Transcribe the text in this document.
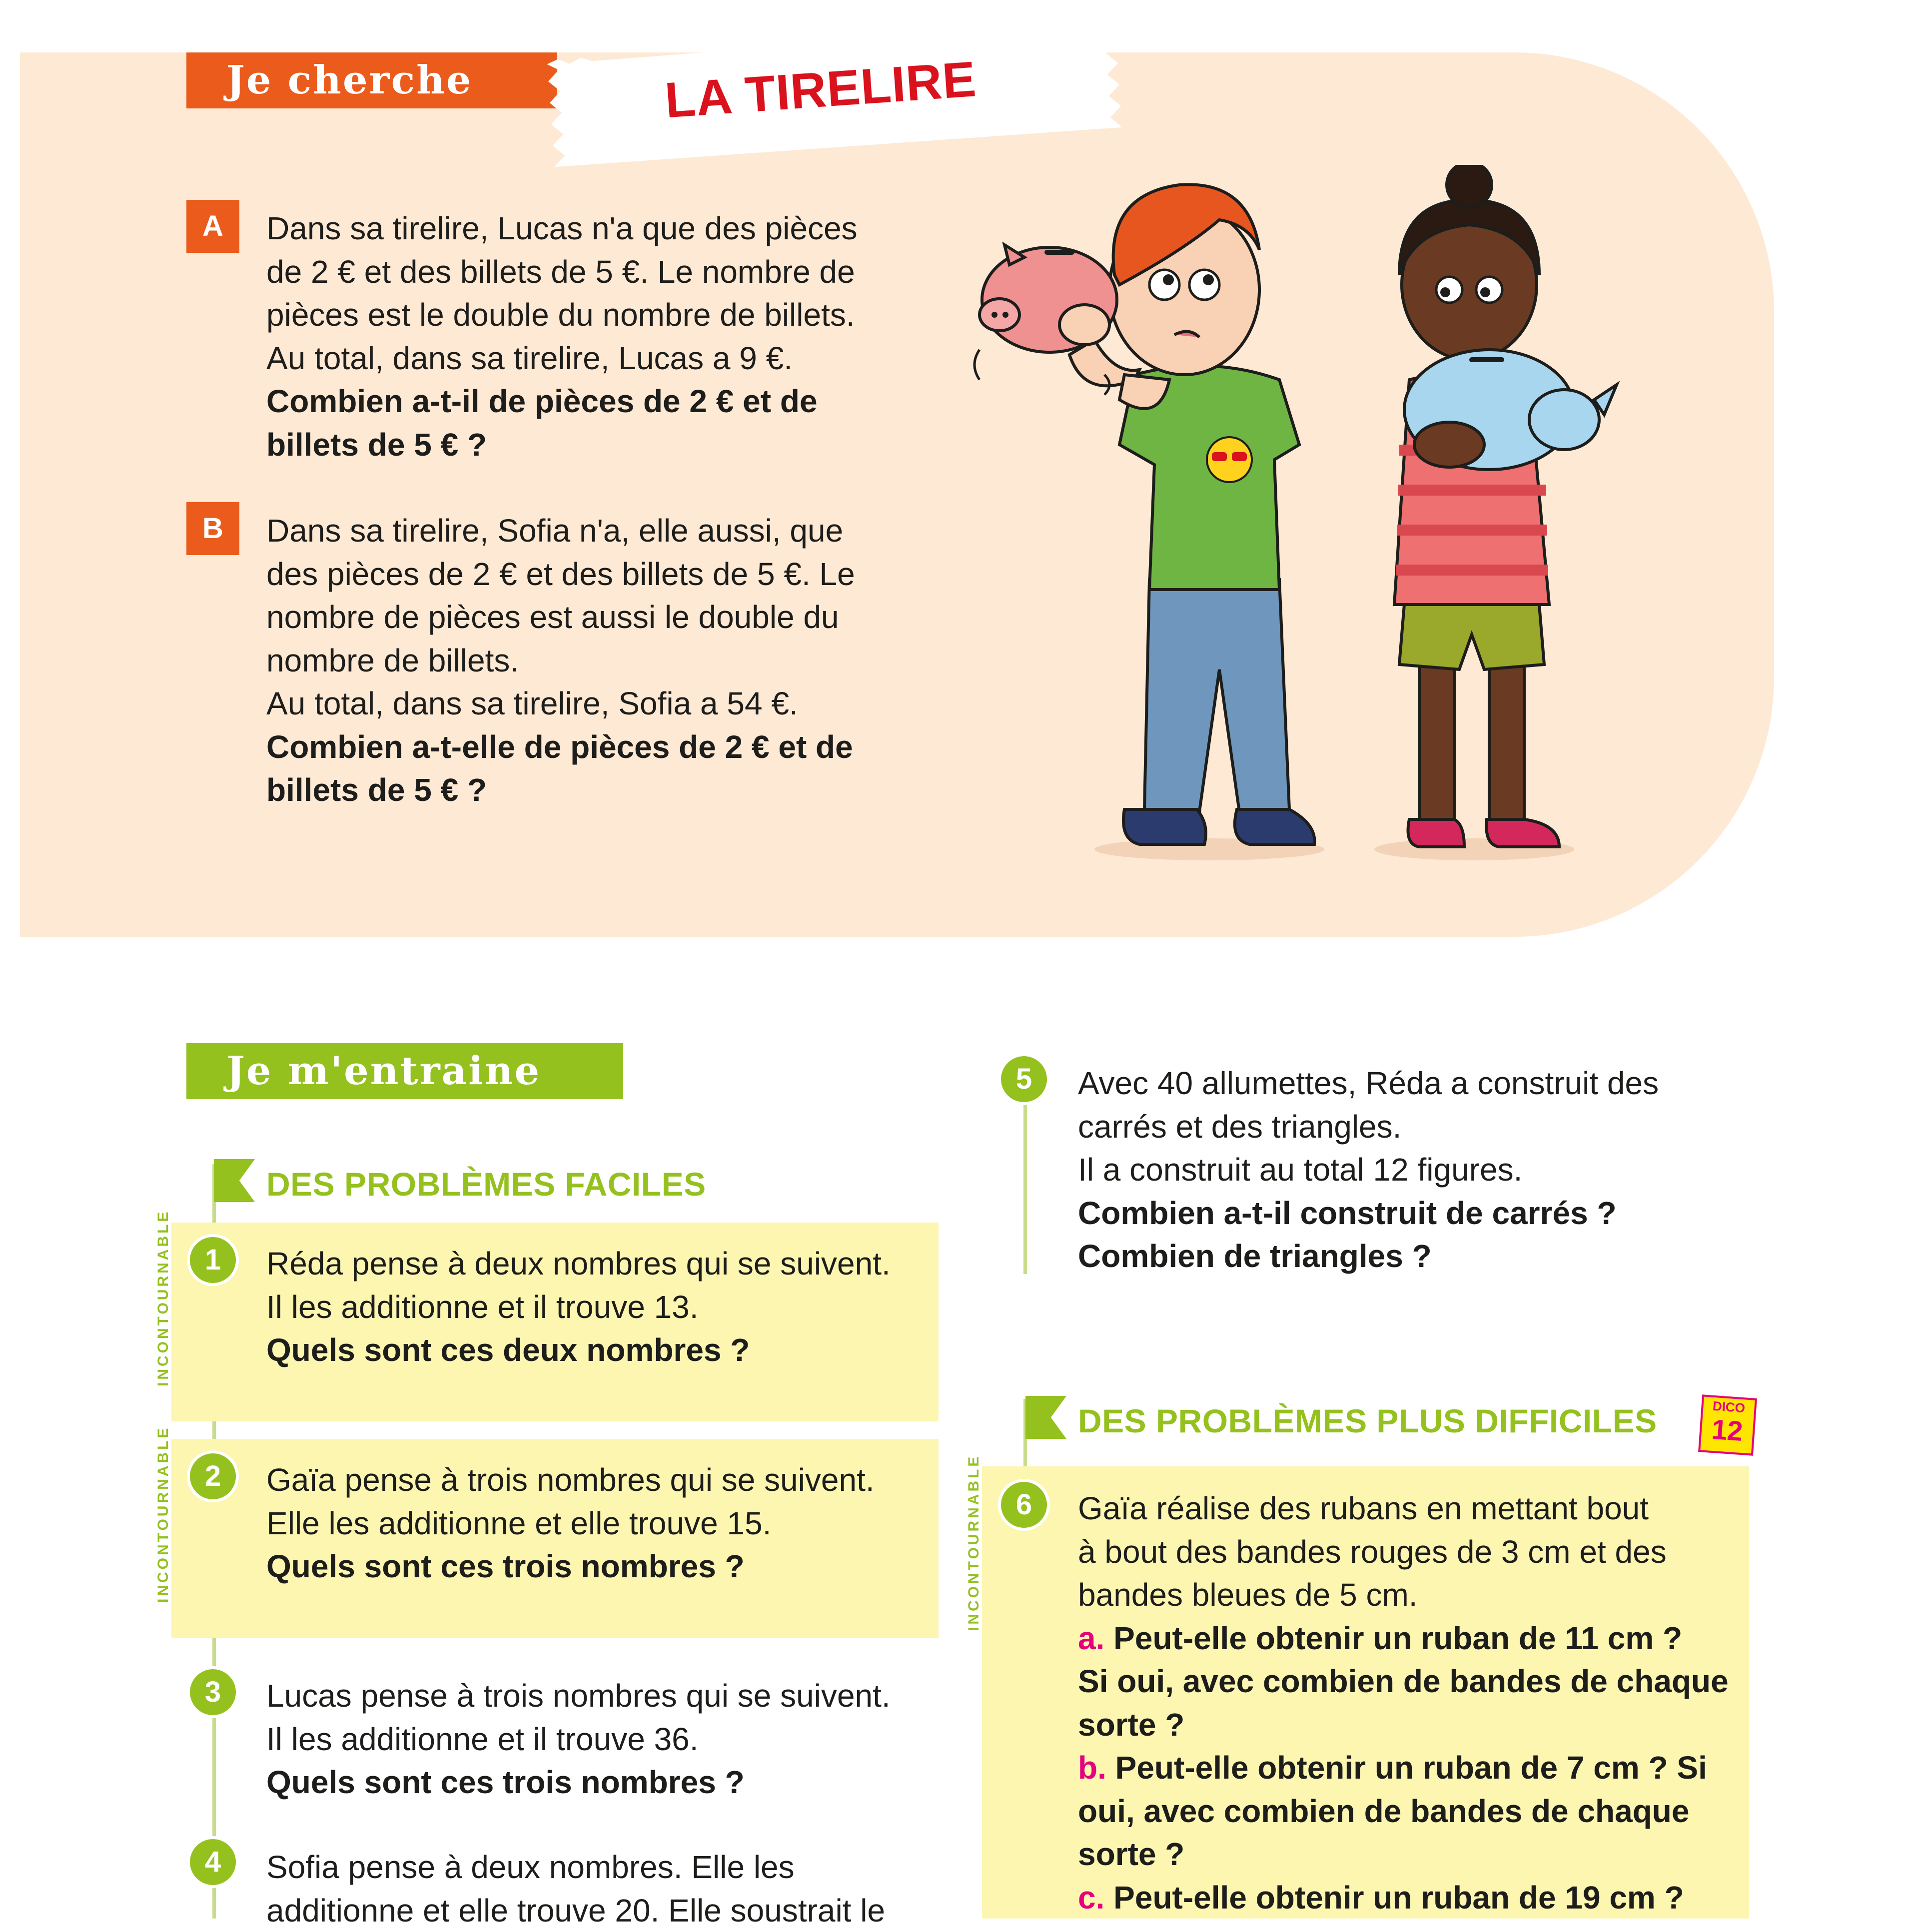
Je cherche	LA TIRELIRE
A	Dans sa tirelire, Lucas n'a que des pièces
de 2 € et des billets de 5 €. Le nombre de
pièces est le double du nombre de billets.
Au total, dans sa tirelire, Lucas a 9 €.
Combien a-t-il de pièces de 2 € et de
billets de 5 € ?
B	Dans sa tirelire, Sofia n'a, elle aussi, que
des pièces de 2 € et des billets de 5 €. Le
nombre de pièces est aussi le double du
nombre de billets.
Au total, dans sa tirelire, Sofia a 54 €.
Combien a-t-elle de pièces de 2 € et de
billets de 5 € ?
Je m'entraine
DES PROBLÈMES FACILES
INCONTOURNABLE	1	Réda pense à deux nombres qui se suivent.
Il les additionne et il trouve 13.
Quels sont ces deux nombres ?
INCONTOURNABLE	2	Gaïa pense à trois nombres qui se suivent.
Elle les additionne et elle trouve 15.
Quels sont ces trois nombres ?
3	Lucas pense à trois nombres qui se suivent.
Il les additionne et il trouve 36.
Quels sont ces trois nombres ?
4	Sofia pense à deux nombres. Elle les
additionne et elle trouve 20. Elle soustrait le
5	Avec 40 allumettes, Réda a construit des
carrés et des triangles.
Il a construit au total 12 figures.
Combien a-t-il construit de carrés ?
Combien de triangles ?
DES PROBLÈMES PLUS DIFFICILES	DICO
12
INCONTOURNABLE	6	Gaïa réalise des rubans en mettant bout
à bout des bandes rouges de 3 cm et des
bandes bleues de 5 cm.
a. Peut-elle obtenir un ruban de 11 cm ?
Si oui, avec combien de bandes de chaque
sorte ?
b. Peut-elle obtenir un ruban de 7 cm ? Si
oui, avec combien de bandes de chaque
sorte ?
c. Peut-elle obtenir un ruban de 19 cm ?
